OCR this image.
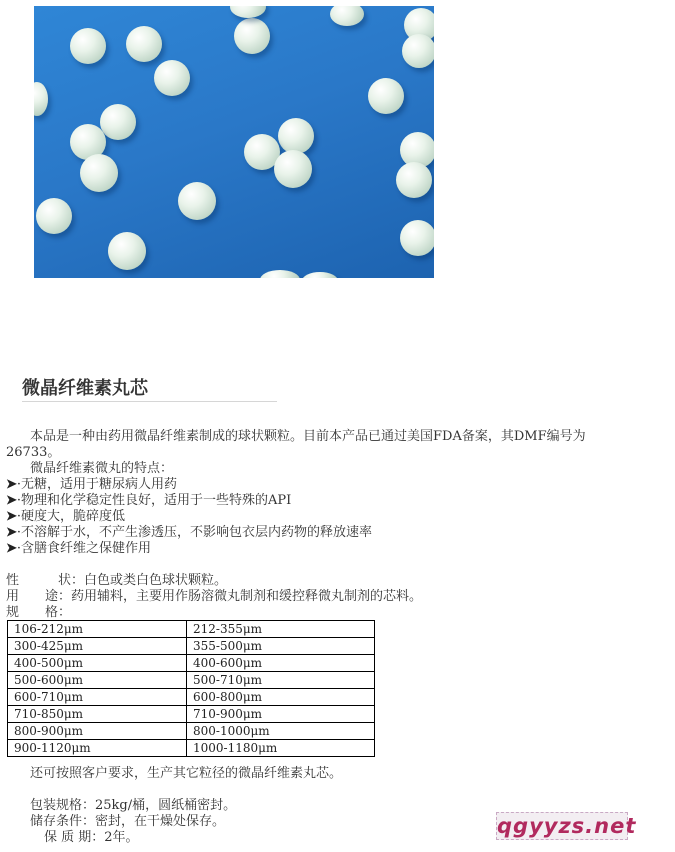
微晶纤维素丸芯
本品是一种由药用微晶纤维素制成的球状颗粒。目前本产品已通过美国FDA备案，其DMF编号为
26733。
微晶纤维素微丸的特点：
➤·无糖，适用于糖尿病人用药
➤·物理和化学稳定性良好，适用于一些特殊的API
➤·硬度大，脆碎度低
➤·不溶解于水，不产生渗透压，不影响包衣层内药物的释放速率
➤·含膳食纤维之保健作用
性　　　状：白色或类白色球状颗粒。
用　　途：药用辅料，主要用作肠溶微丸制剂和缓控释微丸制剂的芯料。
规　　格：
106-212μm	212-355μm
300-425μm	355-500μm
400-500μm	400-600μm
500-600μm	500-710μm
600-710μm	600-800μm
710-850μm	710-900μm
800-900μm	800-1000μm
900-1120μm	1000-1180μm
还可按照客户要求，生产其它粒径的微晶纤维素丸芯。
包装规格：25kg/桶，圆纸桶密封。
储存条件：密封，在干燥处保存。
保 质 期：2年。	qgyyzs.net
